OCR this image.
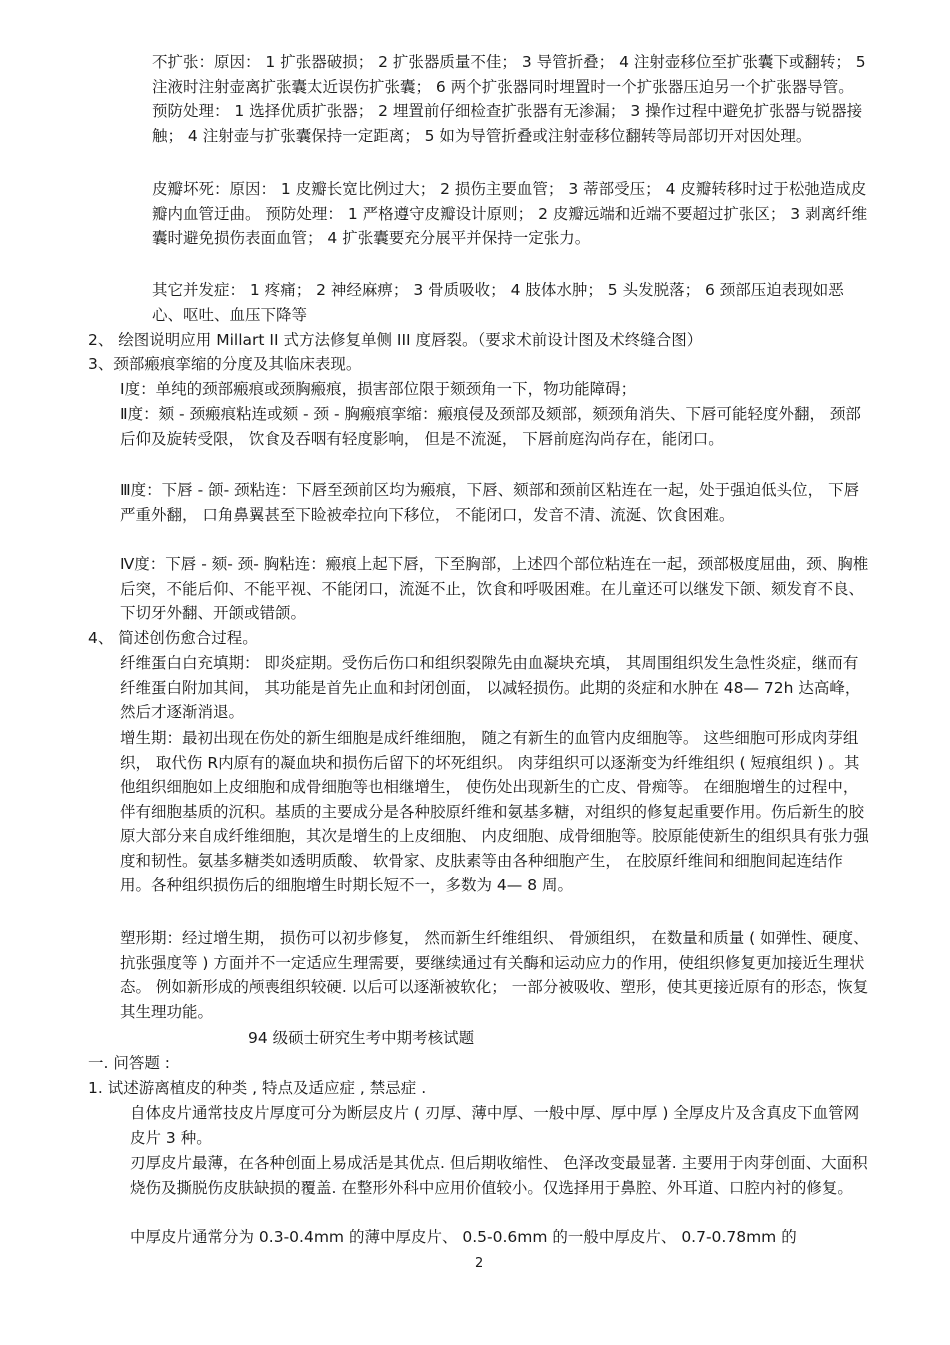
不扩张：原因： 1 扩张器破损； 2 扩张器质量不佳； 3 导管折叠； 4 注射壶移位至扩张囊下或翻转； 5 注液时注射壶离扩张囊太近误伤扩张囊； 6 两个扩张器同时埋置时一个扩张器压迫另一个扩张器导管。 预防处理： 1 选择优质扩张器； 2 埋置前仔细检查扩张器有无渗漏； 3 操作过程中避免扩张器与锐器接触； 4 注射壶与扩张囊保持一定距离； 5 如为导管折叠或注射壶移位翻转等局部切开对因处理。

皮瓣坏死：原因： 1 皮瓣长宽比例过大； 2 损伤主要血管； 3 蒂部受压； 4 皮瓣转移时过于松弛造成皮瓣内血管迂曲。 预防处理： 1 严格遵守皮瓣设计原则； 2 皮瓣远端和近端不要超过扩张区； 3 剥离纤维囊时避免损伤表面血管； 4 扩张囊要充分展平并保持一定张力。

其它并发症： 1 疼痛； 2 神经麻痹； 3 骨质吸收； 4 肢体水肿； 5 头发脱落； 6 颈部压迫表现如恶心、呕吐、血压下降等

2、 绘图说明应用 Millart II 式方法修复单侧 III 度唇裂。（要求术前设计图及术终缝合图）

3、颈部瘢痕挛缩的分度及其临床表现。

Ⅰ度：单纯的颈部瘢痕或颈胸瘢痕，损害部位限于颏颈角一下，物功能障碍；

Ⅱ度：颏 - 颈瘢痕粘连或颏 - 颈 - 胸瘢痕挛缩：瘢痕侵及颈部及颏部，颏颈角消失、下唇可能轻度外翻， 颈部后仰及旋转受限， 饮食及吞咽有轻度影响， 但是不流涎， 下唇前庭沟尚存在，能闭口。

Ⅲ度：下唇 - 颌- 颈粘连：下唇至颈前区均为瘢痕，下唇、颏部和颈前区粘连在一起，处于强迫低头位， 下唇严重外翻， 口角鼻翼甚至下睑被牵拉向下移位， 不能闭口，发音不清、流涎、饮食困难。

Ⅳ度：下唇 - 颏- 颈- 胸粘连：瘢痕上起下唇，下至胸部，上述四个部位粘连在一起，颈部极度屈曲，颈、胸椎后突，不能后仰、不能平视、不能闭口，流涎不止，饮食和呼吸困难。在儿童还可以继发下颌、颏发育不良、下切牙外翻、开颌或错颌。

4、 简述创伤愈合过程。

纤维蛋白白充填期： 即炎症期。受伤后伤口和组织裂隙先由血凝块充填， 其周围组织发生急性炎症，继而有纤维蛋白附加其间， 其功能是首先止血和封闭创面， 以减轻损伤。此期的炎症和水肿在 48— 72h 达高峰，然后才逐渐消退。

增生期：最初出现在伤处的新生细胞是成纤维细胞， 随之有新生的血管内皮细胞等。 这些细胞可形成肉芽组织， 取代伤 R内原有的凝血块和损伤后留下的坏死组织。 肉芽组织可以逐渐变为纤维组织 ( 短痕组织 ) 。其他组织细胞如上皮细胞和成骨细胞等也相继增生， 使伤处出现新生的亡皮、骨痴等。 在细胞增生的过程中， 伴有细胞基质的沉积。基质的主要成分是各种胶原纤维和氨基多糖，对组织的修复起重要作用。伤后新生的胶原大部分来自成纤维细胞，其次是增生的上皮细胞、 内皮细胞、成骨细胞等。胶原能使新生的组织具有张力强度和韧性。氨基多糖类如透明质酸、 软骨家、皮肤素等由各种细胞产生， 在胶原纤维间和细胞间起连结作用。各种组织损伤后的细胞增生时期长短不一，多数为 4— 8 周。

塑形期：经过增生期， 损伤可以初步修复， 然而新生纤维组织、 骨颁组织， 在数量和质量 ( 如弹性、硬度、抗张强度等 ) 方面并不一定适应生理需要，要继续通过有关酶和运动应力的作用，使组织修复更加接近生理状态。 例如新形成的颅喪组织较硬. 以后可以逐渐被软化； 一部分被吸收、塑形，使其更接近原有的形态，恢复其生理功能。

94 级硕士研究生考中期考核试题

一. 问答题 :

1. 试述游离植皮的种类 , 特点及适应症 , 禁忌症 .

自体皮片通常技皮片厚度可分为断层皮片 ( 刃厚、薄中厚、一般中厚、厚中厚 ) 全厚皮片及含真皮下血管网皮片 3 种。

刃厚皮片最薄，在各种创面上易成活是其优点. 但后期收缩性、 色泽改变最显著. 主要用于肉芽创面、大面积烧伤及撕脱伤皮肤缺损的覆盖. 在整形外科中应用价值较小。仅选择用于鼻腔、外耳道、口腔内衬的修复。

中厚皮片通常分为 0.3-0.4mm 的薄中厚皮片、 0.5-0.6mm 的一般中厚皮片、 0.7-0.78mm 的

2
